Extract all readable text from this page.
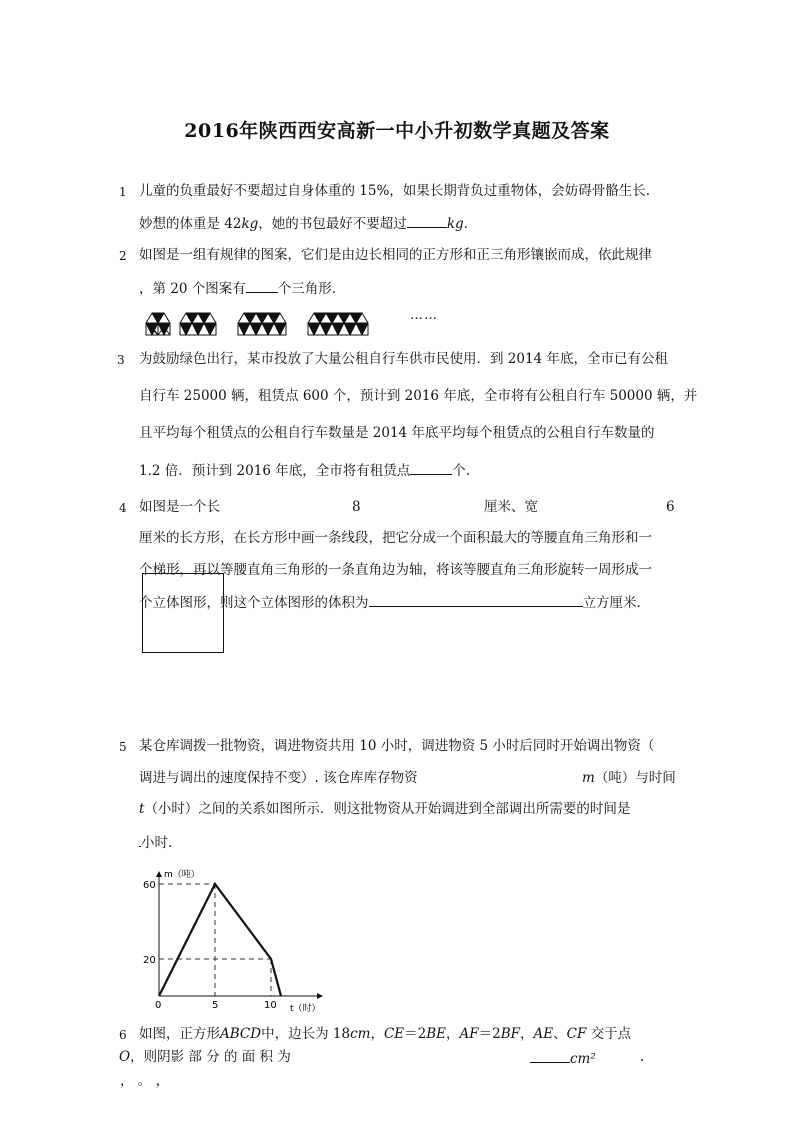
2016年陕西西安高新一中小升初数学真题及答案
1 儿童的负重最好不要超过自身体重的 15%，如果长期背负过重物体，会妨碍骨骼生长.
妙想的体重是 42kg，她的书包最好不要超过	kg.
2 如图是一组有规律的图案，它们是由边长相同的正方形和正三角形镶嵌而成，依此规律
，第 20 个图案有 个三角形.
……
3 为鼓励绿色出行，某市投放了大量公租自行车供市民使用．到 2014 年底，全市已有公租
自行车 25000 辆，租赁点 600 个，预计到 2016 年底，全市将有公租自行车 50000 辆，并
且平均每个租赁点的公租自行车数量是 2014 年底平均每个租赁点的公租自行车数量的
1.2 倍．预计到 2016 年底，全市将有租赁点	个.
4 如图是一个长	8	厘米、宽	6
厘米的长方形，在长方形中画一条线段，把它分成一个面积最大的等腰直角三角形和一
个梯形，再以等腰直角三角形的一条直角边为轴，将该等腰直角三角形旋转一周形成一
个立体图形，则这个立体图形的体积为	立方厘米.
5 某仓库调拨一批物资，调进物资共用 10 小时，调进物资 5 小时后同时开始调出物资（
调进与调出的速度保持不变）. 该仓库库存物资	m（吨）与时间
t（小时）之间的关系如图所示．则这批物资从开始调进到全部调出所需要的时间是
小时.
m（吨）
t（时）
60
20
0	5	10
6 如图，正方形ABCD中，边长为 18cm，CE＝2BE，AF＝2BF，AE、CF 交于点
O，则阴影 部 分 的 面 积 为	cm²	.
， 。 ，
